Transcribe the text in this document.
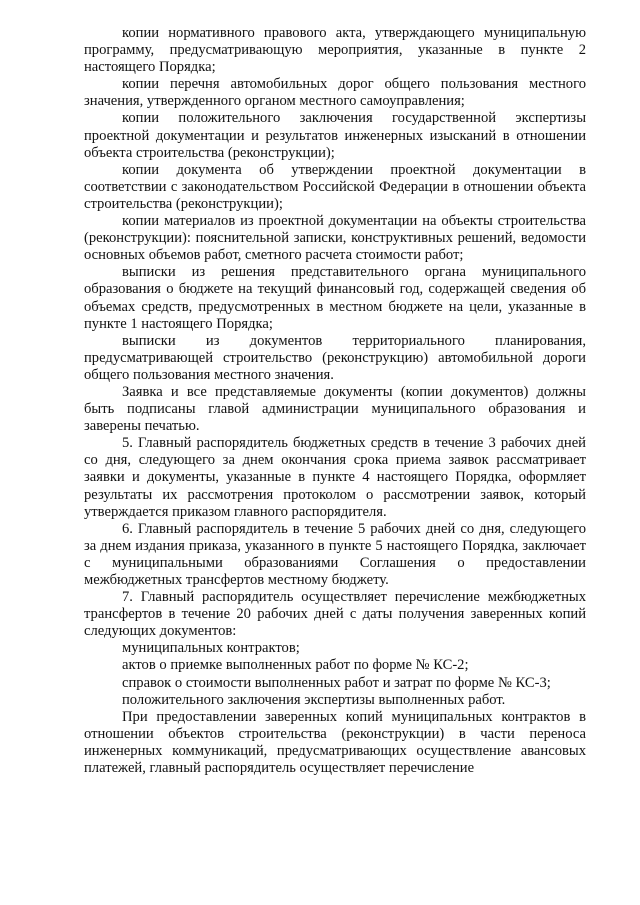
копии нормативного правового акта, утверждающего муниципальную программу, предусматривающую мероприятия, указанные в пункте 2 настоящего Порядка;

копии перечня автомобильных дорог общего пользования местного значения, утвержденного органом местного самоуправления;

копии положительного заключения государственной экспертизы проектной документации и результатов инженерных изысканий в отношении объекта строительства (реконструкции);

копии документа об утверждении проектной документации в соответствии с законодательством Российской Федерации в отношении объекта строительства (реконструкции);

копии материалов из проектной документации на объекты строительства (реконструкции): пояснительной записки, конструктивных решений, ведомости основных объемов работ, сметного расчета стоимости работ;

выписки из решения представительного органа муниципального образования о бюджете на текущий финансовый год, содержащей сведения об объемах средств, предусмотренных в местном бюджете на цели, указанные в пункте 1 настоящего Порядка;

выписки из документов территориального планирования, предусматривающей строительство (реконструкцию) автомобильной дороги общего пользования местного значения.

Заявка и все представляемые документы (копии документов) должны быть подписаны главой администрации муниципального образования и заверены печатью.

5. Главный распорядитель бюджетных средств в течение 3 рабочих дней со дня, следующего за днем окончания срока приема заявок рассматривает заявки и документы, указанные в пункте 4 настоящего Порядка, оформляет результаты их рассмотрения протоколом о рассмотрении заявок, который утверждается приказом главного распорядителя.

6. Главный распорядитель в течение 5 рабочих дней со дня, следующего за днем издания приказа, указанного в пункте 5 настоящего Порядка, заключает с муниципальными образованиями Соглашения о предоставлении межбюджетных трансфертов местному бюджету.

7. Главный распорядитель осуществляет перечисление межбюджетных трансфертов в течение 20 рабочих дней с даты получения заверенных копий следующих документов:

муниципальных контрактов;
актов о приемке выполненных работ по форме № КС-2;
справок о стоимости выполненных работ и затрат по форме № КС-3;
положительного заключения экспертизы выполненных работ.

При предоставлении заверенных копий муниципальных контрактов в отношении объектов строительства (реконструкции) в части переноса инженерных коммуникаций, предусматривающих осуществление авансовых платежей, главный распорядитель осуществляет перечисление
